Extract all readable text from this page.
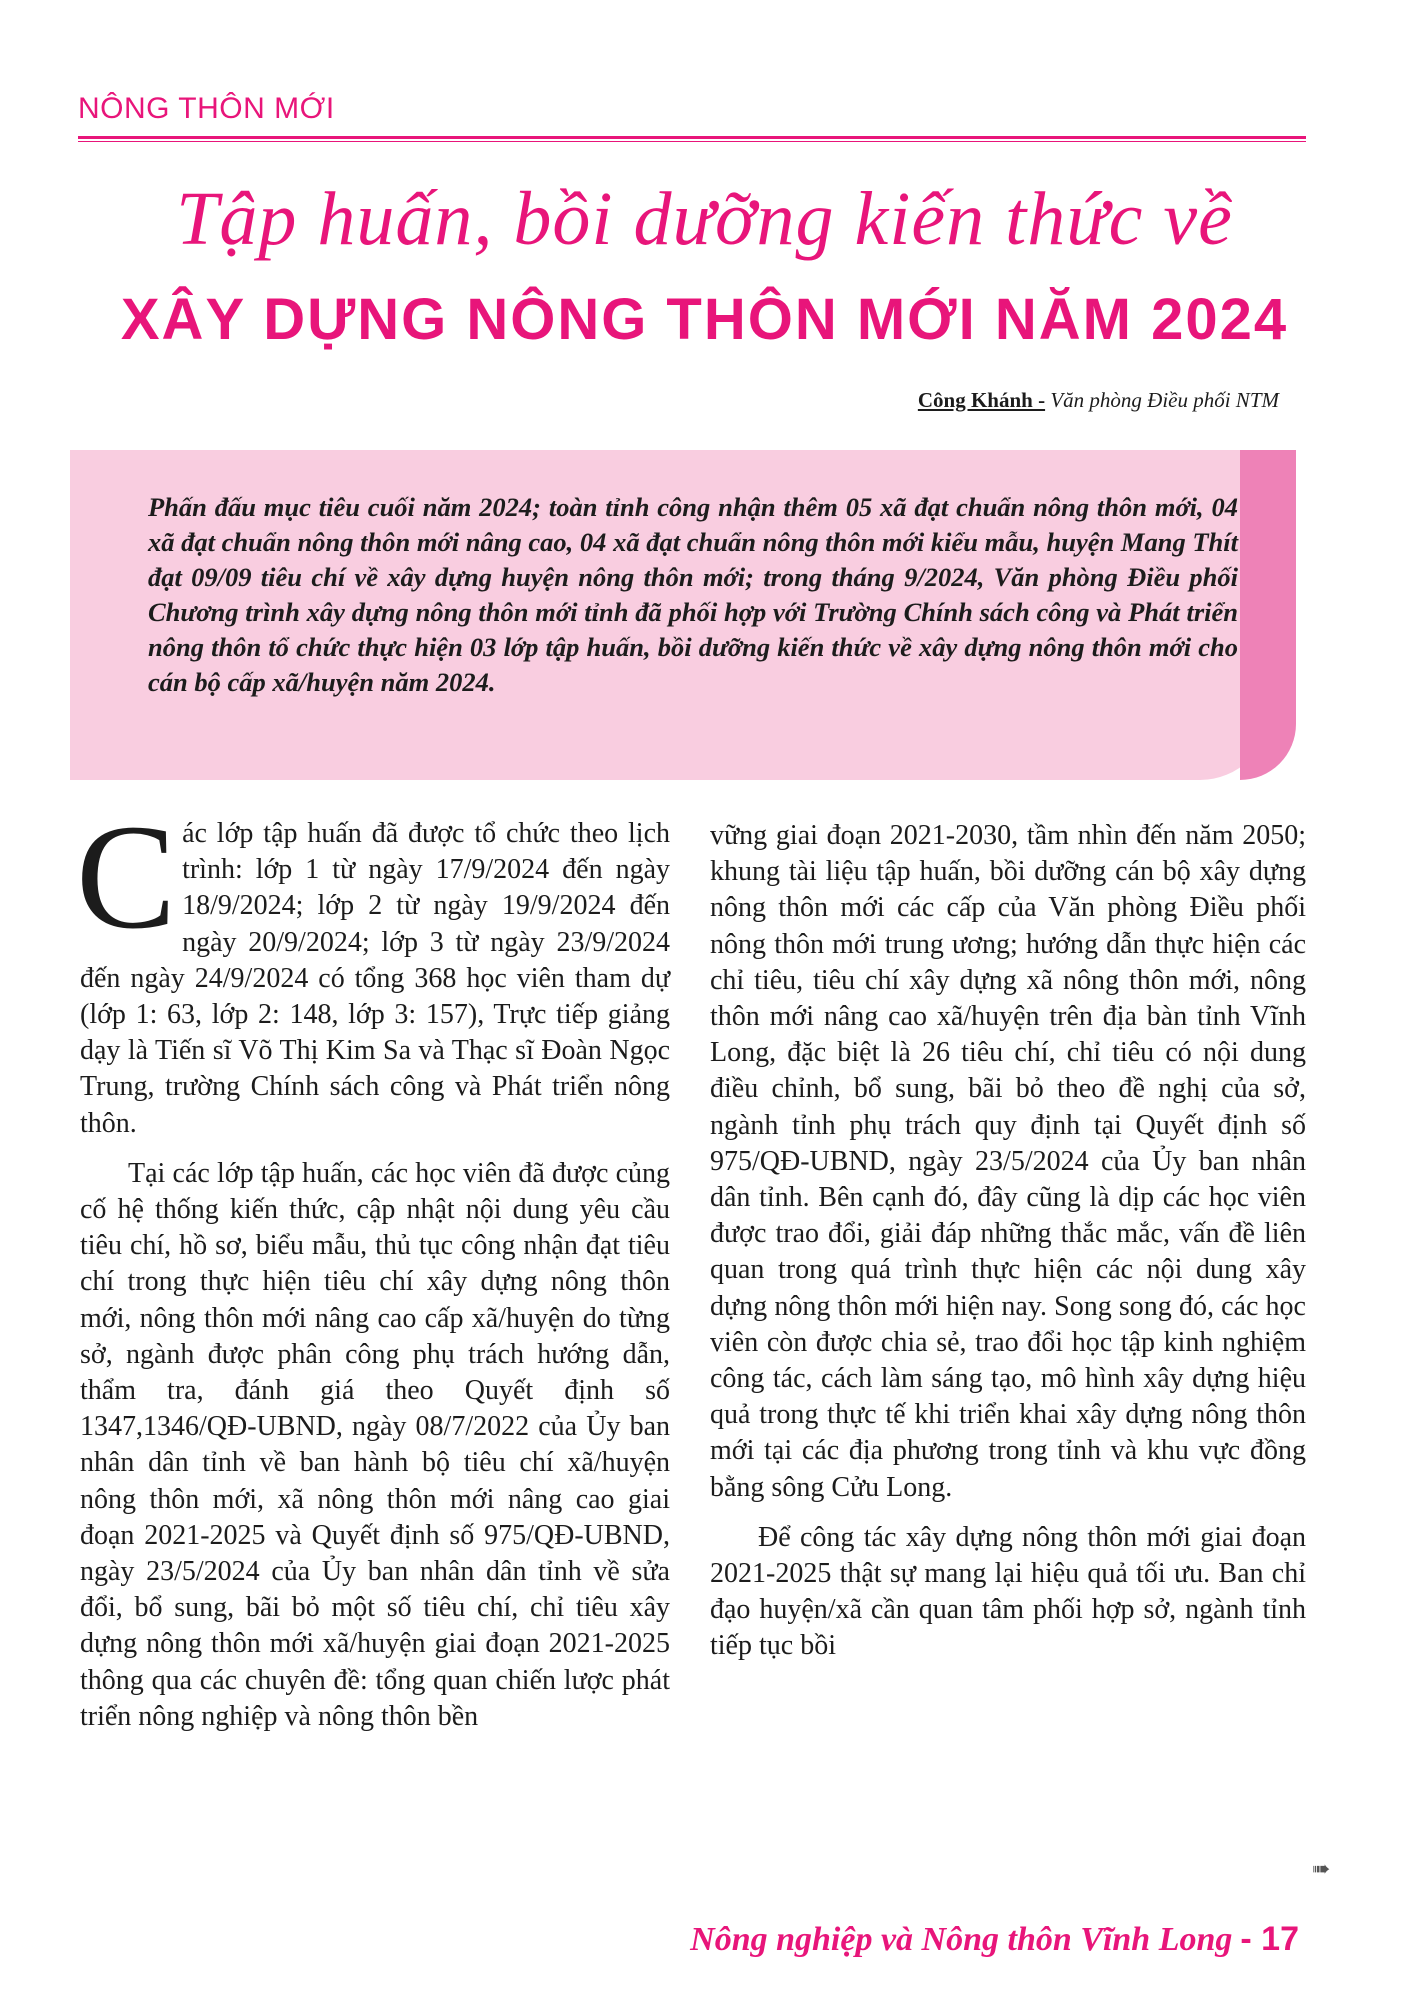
NÔNG THÔN MỚI
Tập huấn, bồi dưỡng kiến thức về
XÂY DỰNG NÔNG THÔN MỚI NĂM 2024
Công Khánh - Văn phòng Điều phối NTM
Phấn đấu mục tiêu cuối năm 2024; toàn tỉnh công nhận thêm 05 xã đạt chuẩn nông thôn mới, 04 xã đạt chuẩn nông thôn mới nâng cao, 04 xã đạt chuẩn nông thôn mới kiểu mẫu, huyện Mang Thít đạt 09/09 tiêu chí về xây dựng huyện nông thôn mới; trong tháng 9/2024, Văn phòng Điều phối Chương trình xây dựng nông thôn mới tỉnh đã phối hợp với Trường Chính sách công và Phát triển nông thôn tổ chức thực hiện 03 lớp tập huấn, bồi dưỡng kiến thức về xây dựng nông thôn mới cho cán bộ cấp xã/huyện năm 2024.

Các lớp tập huấn đã được tổ chức theo lịch trình: lớp 1 từ ngày 17/9/2024 đến ngày 18/9/2024; lớp 2 từ ngày 19/9/2024 đến ngày 20/9/2024; lớp 3 từ ngày 23/9/2024 đến ngày 24/9/2024 có tổng 368 học viên tham dự (lớp 1: 63, lớp 2: 148, lớp 3: 157), Trực tiếp giảng dạy là Tiến sĩ Võ Thị Kim Sa và Thạc sĩ Đoàn Ngọc Trung, trường Chính sách công và Phát triển nông thôn.

Tại các lớp tập huấn, các học viên đã được củng cố hệ thống kiến thức, cập nhật nội dung yêu cầu tiêu chí, hồ sơ, biểu mẫu, thủ tục công nhận đạt tiêu chí trong thực hiện tiêu chí xây dựng nông thôn mới, nông thôn mới nâng cao cấp xã/huyện do từng sở, ngành được phân công phụ trách hướng dẫn, thẩm tra, đánh giá theo Quyết định số 1347,1346/QĐ-UBND, ngày 08/7/2022 của Ủy ban nhân dân tỉnh về ban hành bộ tiêu chí xã/huyện nông thôn mới, xã nông thôn mới nâng cao giai đoạn 2021-2025 và Quyết định số 975/QĐ-UBND, ngày 23/5/2024 của Ủy ban nhân dân tỉnh về sửa đổi, bổ sung, bãi bỏ một số tiêu chí, chỉ tiêu xây dựng nông thôn mới xã/huyện giai đoạn 2021-2025 thông qua các chuyên đề: tổng quan chiến lược phát triển nông nghiệp và nông thôn bền

vững giai đoạn 2021-2030, tầm nhìn đến năm 2050; khung tài liệu tập huấn, bồi dưỡng cán bộ xây dựng nông thôn mới các cấp của Văn phòng Điều phối nông thôn mới trung ương; hướng dẫn thực hiện các chỉ tiêu, tiêu chí xây dựng xã nông thôn mới, nông thôn mới nâng cao xã/huyện trên địa bàn tỉnh Vĩnh Long, đặc biệt là 26 tiêu chí, chỉ tiêu có nội dung điều chỉnh, bổ sung, bãi bỏ theo đề nghị của sở, ngành tỉnh phụ trách quy định tại Quyết định số 975/QĐ-UBND, ngày 23/5/2024 của Ủy ban nhân dân tỉnh. Bên cạnh đó, đây cũng là dịp các học viên được trao đổi, giải đáp những thắc mắc, vấn đề liên quan trong quá trình thực hiện các nội dung xây dựng nông thôn mới hiện nay. Song song đó, các học viên còn được chia sẻ, trao đổi học tập kinh nghiệm công tác, cách làm sáng tạo, mô hình xây dựng hiệu quả trong thực tế khi triển khai xây dựng nông thôn mới tại các địa phương trong tỉnh và khu vực đồng bằng sông Cửu Long.

Để công tác xây dựng nông thôn mới giai đoạn 2021-2025 thật sự mang lại hiệu quả tối ưu. Ban chỉ đạo huyện/xã cần quan tâm phối hợp sở, ngành tỉnh tiếp tục bồi

➠
Nông nghiệp và Nông thôn Vĩnh Long - 17
